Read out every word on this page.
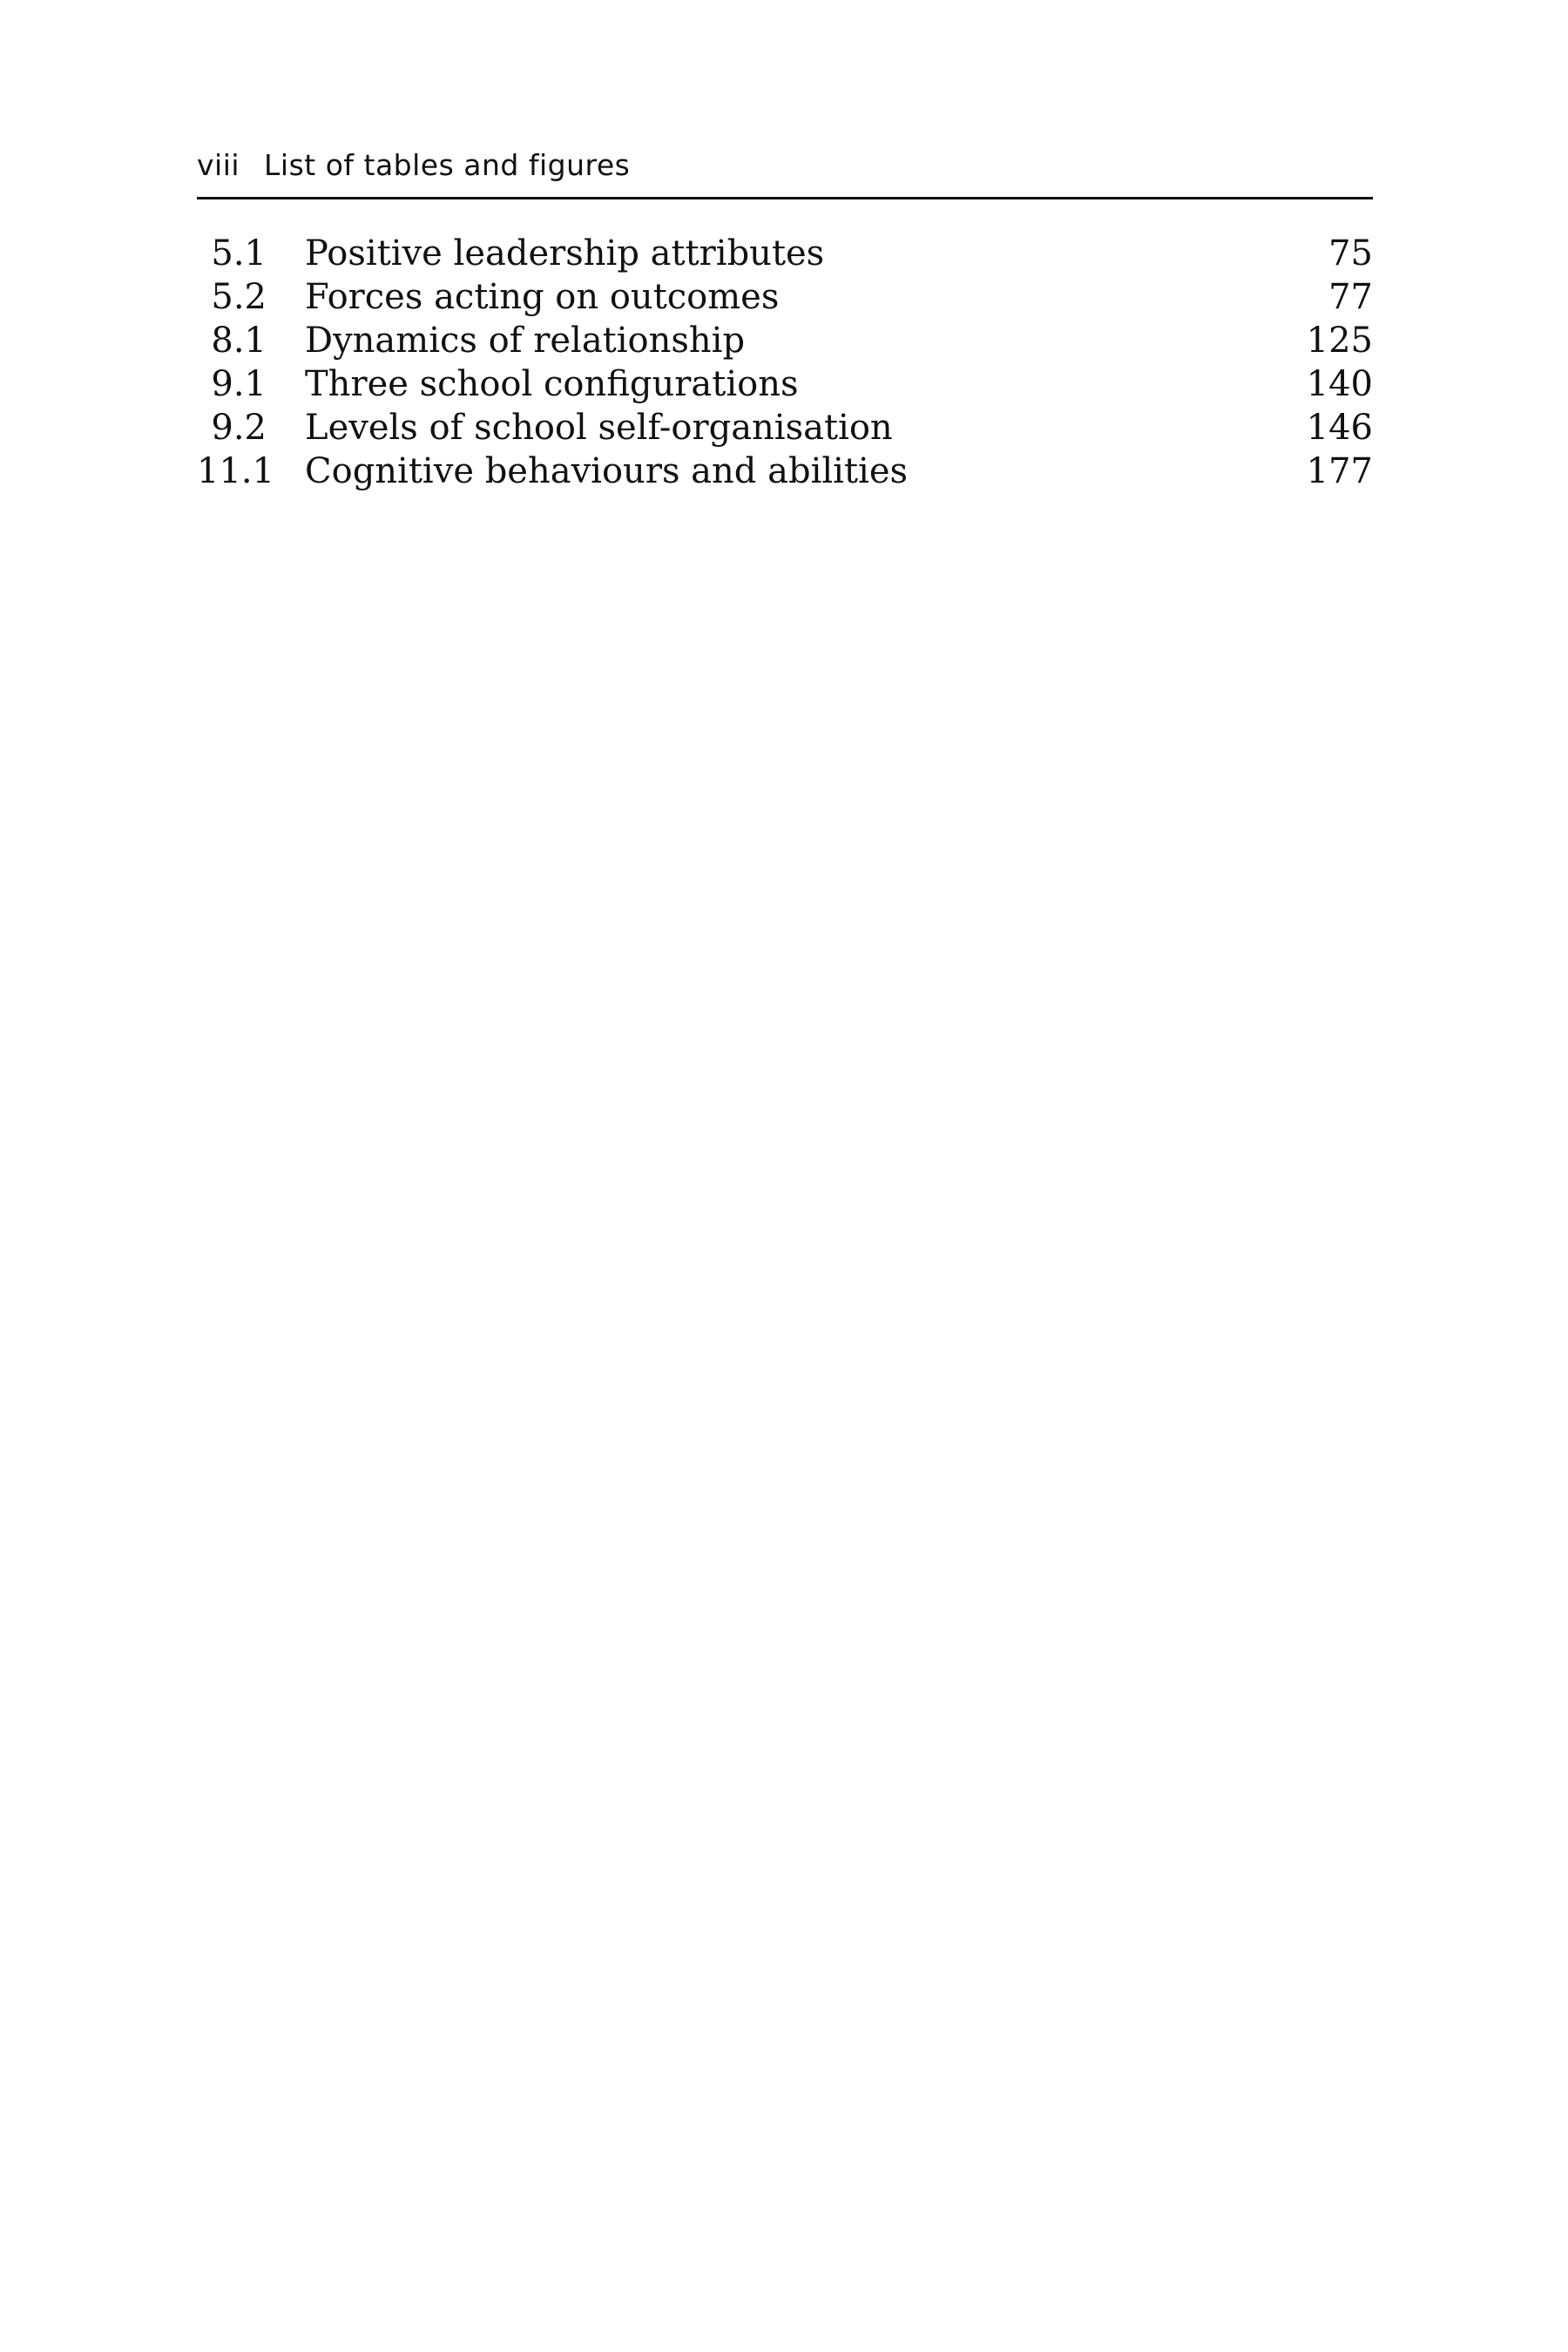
viii List of tables and figures
5.1 Positive leadership attributes	75
5.2 Forces acting on outcomes	77
8.1 Dynamics of relationship	125
9.1 Three school configurations	140
9.2 Levels of school self-organisation	146
11.1 Cognitive behaviours and abilities	177
